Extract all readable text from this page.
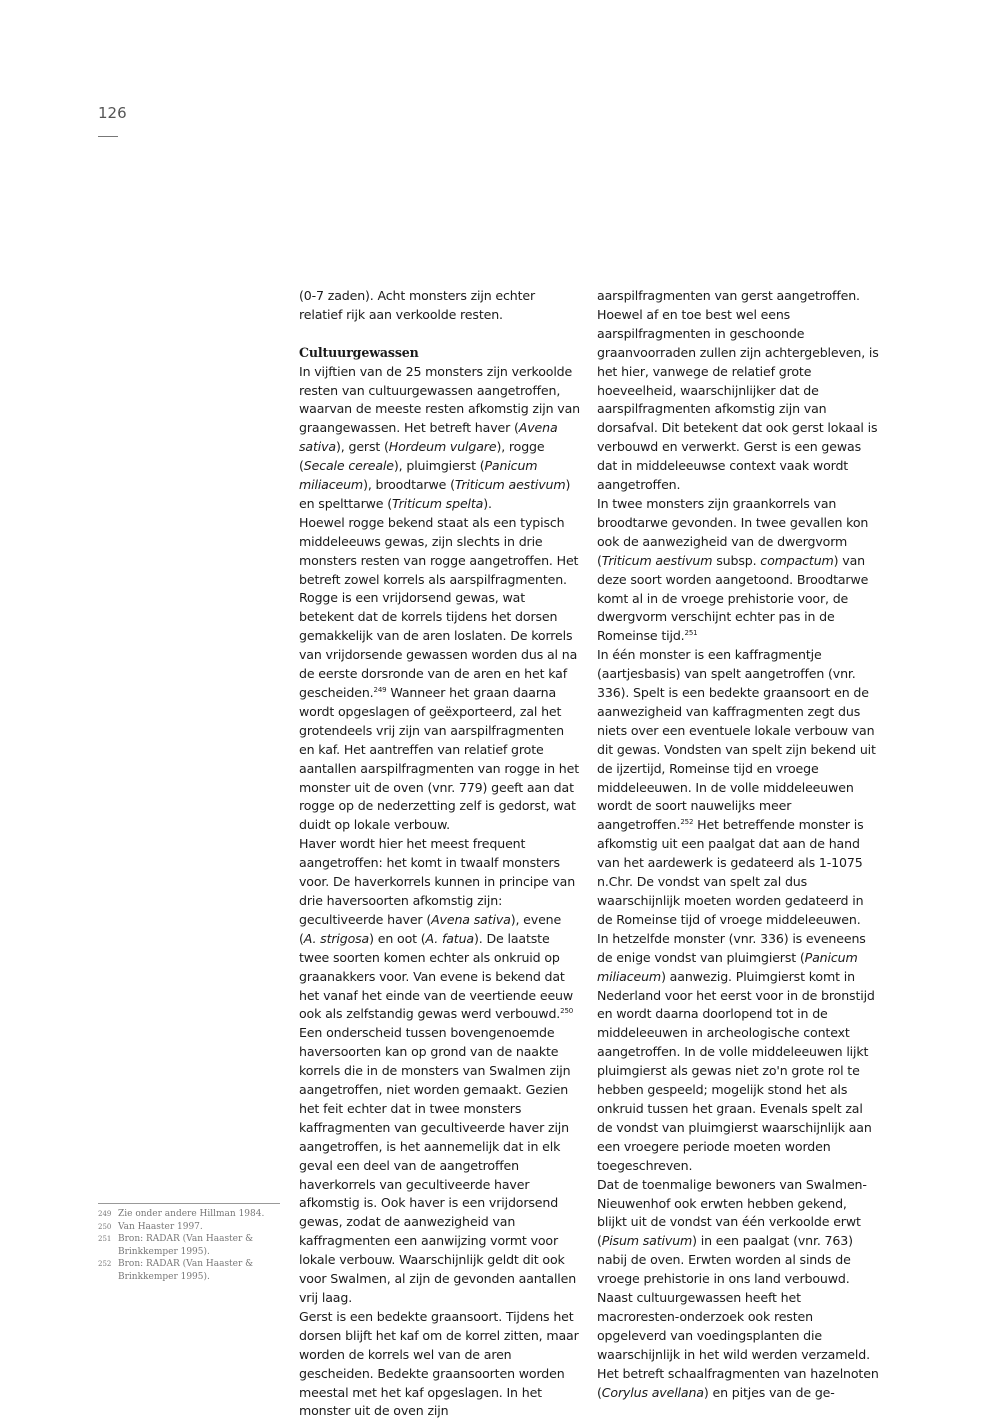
126

(0-7 zaden). Acht monsters zijn echter relatief rijk aan verkoolde resten.

Cultuurgewassen

In vijftien van de 25 monsters zijn verkoolde resten van cultuurgewassen aangetroffen, waarvan de meeste resten afkomstig zijn van graangewassen. Het betreft haver (Avena sativa), gerst (Hordeum vulgare), rogge (Secale cereale), pluimgierst (Panicum miliaceum), broodtarwe (Triticum aestivum) en spelttarwe (Triticum spelta).

Hoewel rogge bekend staat als een typisch middeleeuws gewas, zijn slechts in drie monsters resten van rogge aangetroffen. Het betreft zowel korrels als aarspilfragmenten. Rogge is een vrijdorsend gewas, wat betekent dat de korrels tijdens het dorsen gemakkelijk van de aren loslaten. De korrels van vrijdorsende gewassen worden dus al na de eerste dorsronde van de aren en het kaf gescheiden.$^{249}$ Wanneer het graan daarna wordt opgeslagen of geëxporteerd, zal het grotendeels vrij zijn van aarspilfragmenten en kaf. Het aantreffen van relatief grote aantallen aarspilfragmenten van rogge in het monster uit de oven (vnr. 779) geeft aan dat rogge op de nederzetting zelf is gedorst, wat duidt op lokale verbouw.

Haver wordt hier het meest frequent aangetroffen: het komt in twaalf monsters voor. De haverkorrels kunnen in principe van drie haversoorten afkomstig zijn: gecultiveerde haver (Avena sativa), evene (A. strigosa) en oot (A. fatua). De laatste twee soorten komen echter als onkruid op graanakkers voor. Van evene is bekend dat het vanaf het einde van de veertiende eeuw ook als zelfstandig gewas werd verbouwd.$^{250}$ Een onderscheid tussen bovengenoemde haversoorten kan op grond van de naakte korrels die in de monsters van Swalmen zijn aangetroffen, niet worden gemaakt. Gezien het feit echter dat in twee monsters kaffragmenten van gecultiveerde haver zijn aangetroffen, is het aannemelijk dat in elk geval een deel van de aangetroffen haverkorrels van gecultiveerde haver afkomstig is. Ook haver is een vrijdorsend gewas, zodat de aanwezigheid van kaffragmenten een aanwijzing vormt voor lokale verbouw. Waarschijnlijk geldt dit ook voor Swalmen, al zijn de gevonden aantallen vrij laag.

Gerst is een bedekte graansoort. Tijdens het dorsen blijft het kaf om de korrel zitten, maar worden de korrels wel van de aren gescheiden. Bedekte graansoorten worden meestal met het kaf opgeslagen. In het monster uit de oven zijn

aarspilfragmenten van gerst aangetroffen. Hoewel af en toe best wel eens aarspilfragmenten in geschoonde graanvoorraden zullen zijn achtergebleven, is het hier, vanwege de relatief grote hoeveelheid, waarschijnlijker dat de aarspilfragmenten afkomstig zijn van dorsafval. Dit betekent dat ook gerst lokaal is verbouwd en verwerkt. Gerst is een gewas dat in middeleeuwse context vaak wordt aangetroffen.

In twee monsters zijn graankorrels van broodtarwe gevonden. In twee gevallen kon ook de aanwezigheid van de dwergvorm (Triticum aestivum subsp. compactum) van deze soort worden aangetoond. Broodtarwe komt al in de vroege prehistorie voor, de dwergvorm verschijnt echter pas in de Romeinse tijd.$^{251}$

In één monster is een kaffragmentje (aartjesbasis) van spelt aangetroffen (vnr. 336). Spelt is een bedekte graansoort en de aanwezigheid van kaffragmenten zegt dus niets over een eventuele lokale verbouw van dit gewas. Vondsten van spelt zijn bekend uit de ijzertijd, Romeinse tijd en vroege middeleeuwen. In de volle middeleeuwen wordt de soort nauwelijks meer aangetroffen.$^{252}$ Het betreffende monster is afkomstig uit een paalgat dat aan de hand van het aardewerk is gedateerd als 1-1075 n.Chr. De vondst van spelt zal dus waarschijnlijk moeten worden gedateerd in de Romeinse tijd of vroege middeleeuwen.

In hetzelfde monster (vnr. 336) is eveneens de enige vondst van pluimgierst (Panicum miliaceum) aanwezig. Pluimgierst komt in Nederland voor het eerst voor in de bronstijd en wordt daarna doorlopend tot in de middeleeuwen in archeologische context aangetroffen. In de volle middeleeuwen lijkt pluimgierst als gewas niet zo'n grote rol te hebben gespeeld; mogelijk stond het als onkruid tussen het graan. Evenals spelt zal de vondst van pluimgierst waarschijnlijk aan een vroegere periode moeten worden toegeschreven.

Dat de toenmalige bewoners van Swalmen-Nieuwenhof ook erwten hebben gekend, blijkt uit de vondst van één verkoolde erwt (Pisum sativum) in een paalgat (vnr. 763) nabij de oven. Erwten worden al sinds de vroege prehistorie in ons land verbouwd.

Naast cultuurgewassen heeft het macroresten-onderzoek ook resten opgeleverd van voedingsplanten die waarschijnlijk in het wild werden verzameld. Het betreft schaalfragmenten van hazelnoten (Corylus avellana) en pitjes van de ge-

249 Zie onder andere Hillman 1984.
250 Van Haaster 1997.
251 Bron: RADAR (Van Haaster & Brinkkemper 1995).
252 Bron: RADAR (Van Haaster & Brinkkemper 1995).
